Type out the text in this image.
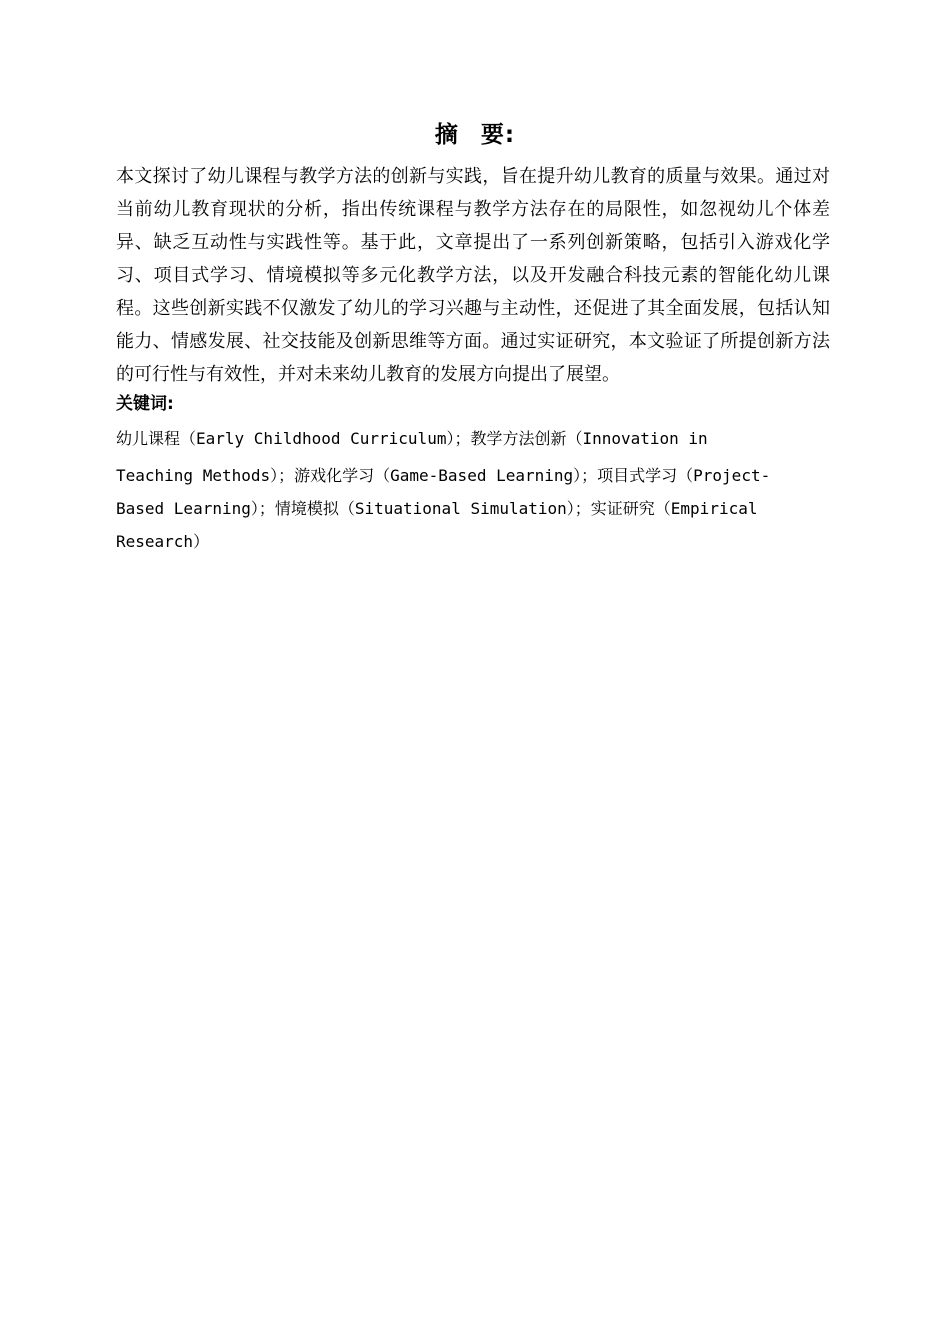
摘 要:
本文探讨了幼儿课程与教学方法的创新与实践，旨在提升幼儿教育的质量与效果。通过对当前幼儿教育现状的分析，指出传统课程与教学方法存在的局限性，如忽视幼儿个体差异、缺乏互动性与实践性等。基于此，文章提出了一系列创新策略，包括引入游戏化学习、项目式学习、情境模拟等多元化教学方法，以及开发融合科技元素的智能化幼儿课程。这些创新实践不仅激发了幼儿的学习兴趣与主动性，还促进了其全面发展，包括认知能力、情感发展、社交技能及创新思维等方面。通过实证研究，本文验证了所提创新方法的可行性与有效性，并对未来幼儿教育的发展方向提出了展望。
关键词:
幼儿课程（Early Childhood Curriculum）；教学方法创新（Innovation in
Teaching Methods）；游戏化学习（Game-Based Learning）；项目式学习（Project-
Based Learning）；情境模拟（Situational Simulation）；实证研究（Empirical
Research）
